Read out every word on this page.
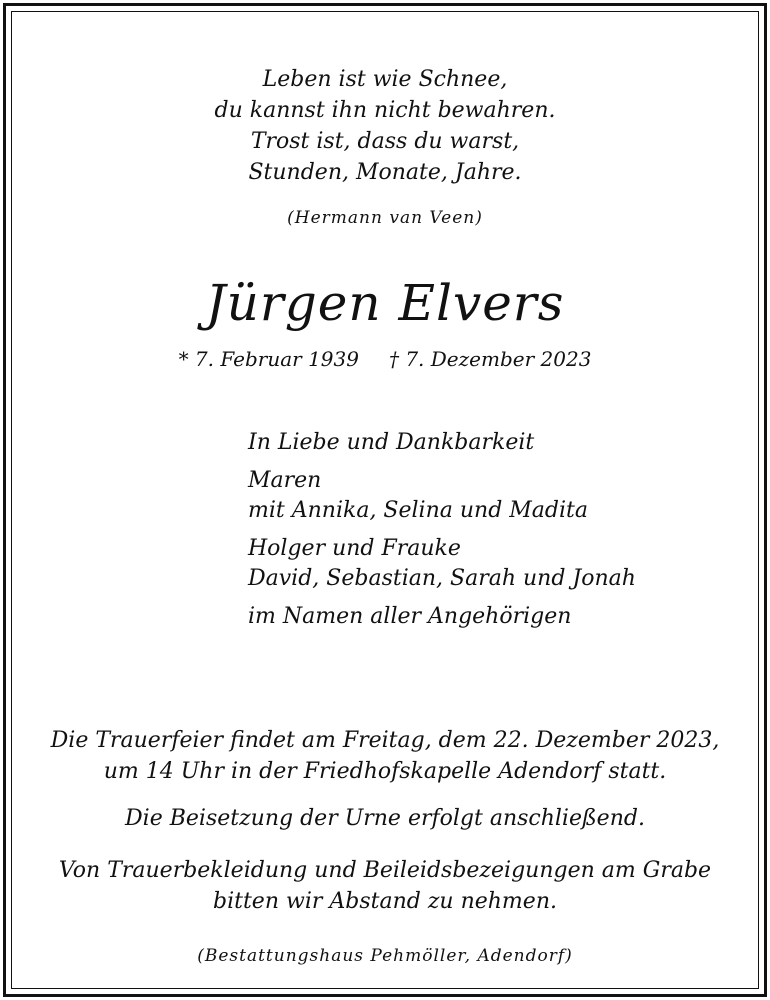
Leben ist wie Schnee,
du kannst ihn nicht bewahren.
Trost ist, dass du warst,
Stunden, Monate, Jahre.
(Hermann van Veen)
Jürgen Elvers
* 7. Februar 1939 † 7. Dezember 2023
In Liebe und Dankbarkeit
Maren
mit Annika, Selina und Madita
Holger und Frauke
David, Sebastian, Sarah und Jonah
im Namen aller Angehörigen
Die Trauerfeier findet am Freitag, dem 22. Dezember 2023,
um 14 Uhr in der Friedhofskapelle Adendorf statt.
Die Beisetzung der Urne erfolgt anschließend.
Von Trauerbekleidung und Beileidsbezeigungen am Grabe
bitten wir Abstand zu nehmen.
(Bestattungshaus Pehmöller, Adendorf)
